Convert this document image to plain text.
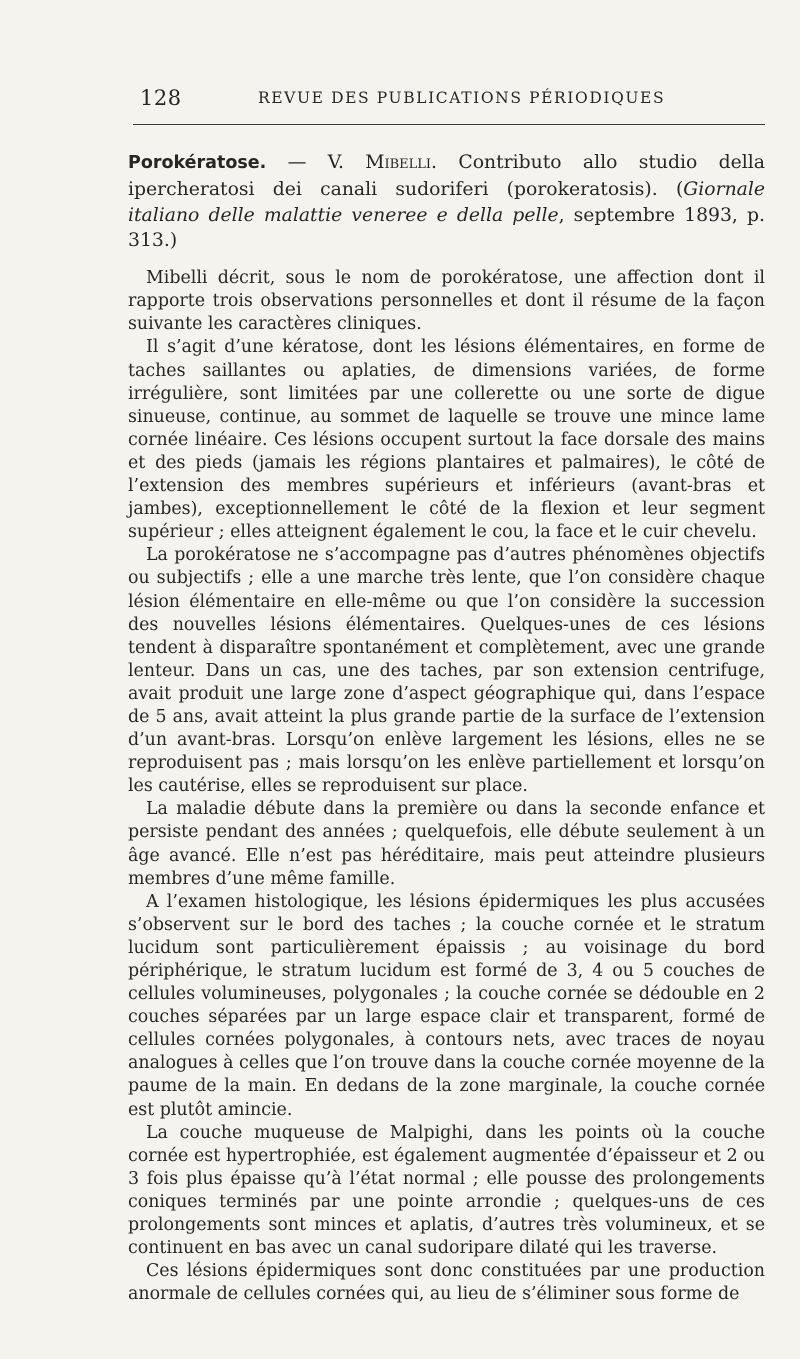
128	REVUE DES PUBLICATIONS PÉRIODIQUES

Porokératose. — V. Mibelli. Contributo allo studio della ipercheratosi dei canali sudoriferi (porokeratosis). (Giornale italiano delle malattie veneree e della pelle, septembre 1893, p. 313.)

Mibelli décrit, sous le nom de porokératose, une affection dont il rapporte trois observations personnelles et dont il résume de la façon suivante les caractères cliniques.

Il s’agit d’une kératose, dont les lésions élémentaires, en forme de taches saillantes ou aplaties, de dimensions variées, de forme irrégulière, sont limitées par une collerette ou une sorte de digue sinueuse, continue, au sommet de laquelle se trouve une mince lame cornée linéaire. Ces lésions occupent surtout la face dorsale des mains et des pieds (jamais les régions plantaires et palmaires), le côté de l’extension des membres supérieurs et inférieurs (avant-bras et jambes), exceptionnellement le côté de la flexion et leur segment supérieur ; elles atteignent également le cou, la face et le cuir chevelu.

La porokératose ne s’accompagne pas d’autres phénomènes objectifs ou subjectifs ; elle a une marche très lente, que l’on considère chaque lésion élémentaire en elle-même ou que l’on considère la succession des nouvelles lésions élémentaires. Quelques-unes de ces lésions tendent à disparaître spontanément et complètement, avec une grande lenteur. Dans un cas, une des taches, par son extension centrifuge, avait produit une large zone d’aspect géographique qui, dans l’espace de 5 ans, avait atteint la plus grande partie de la surface de l’extension d’un avant-bras. Lorsqu’on enlève largement les lésions, elles ne se reproduisent pas ; mais lorsqu’on les enlève partiellement et lorsqu’on les cautérise, elles se reproduisent sur place.

La maladie débute dans la première ou dans la seconde enfance et persiste pendant des années ; quelquefois, elle débute seulement à un âge avancé. Elle n’est pas héréditaire, mais peut atteindre plusieurs membres d’une même famille.

A l’examen histologique, les lésions épidermiques les plus accusées s’observent sur le bord des taches ; la couche cornée et le stratum lucidum sont particulièrement épaissis ; au voisinage du bord périphérique, le stratum lucidum est formé de 3, 4 ou 5 couches de cellules volumineuses, polygonales ; la couche cornée se dédouble en 2 couches séparées par un large espace clair et transparent, formé de cellules cornées polygonales, à contours nets, avec traces de noyau analogues à celles que l’on trouve dans la couche cornée moyenne de la paume de la main. En dedans de la zone marginale, la couche cornée est plutôt amincie.

La couche muqueuse de Malpighi, dans les points où la couche cornée est hypertrophiée, est également augmentée d’épaisseur et 2 ou 3 fois plus épaisse qu’à l’état normal ; elle pousse des prolongements coniques terminés par une pointe arrondie ; quelques-uns de ces prolongements sont minces et aplatis, d’autres très volumineux, et se continuent en bas avec un canal sudoripare dilaté qui les traverse.

Ces lésions épidermiques sont donc constituées par une production anormale de cellules cornées qui, au lieu de s’éliminer sous forme de
